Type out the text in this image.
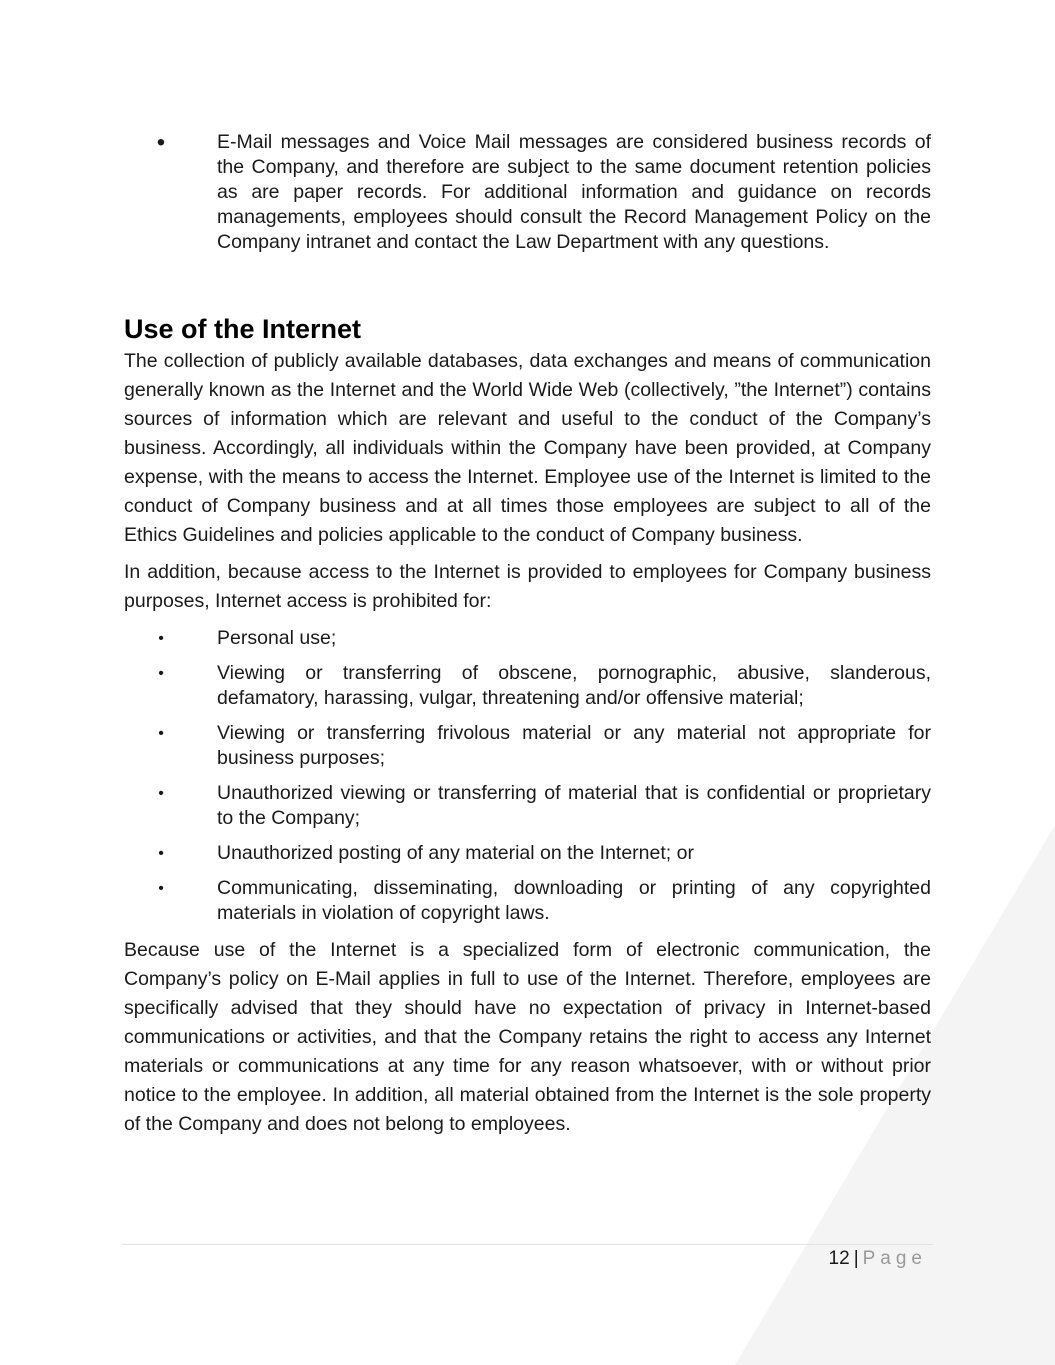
•	E-Mail messages and Voice Mail messages are considered business records of the Company, and therefore are subject to the same document retention policies as are paper records. For additional information and guidance on records managements, employees should consult the Record Management Policy on the Company intranet and contact the Law Department with any questions.
Use of the Internet

The collection of publicly available databases, data exchanges and means of communication generally known as the Internet and the World Wide Web (collectively, ”the Internet”) contains sources of information which are relevant and useful to the conduct of the Company’s business. Accordingly, all individuals within the Company have been provided, at Company expense, with the means to access the Internet. Employee use of the Internet is limited to the conduct of Company business and at all times those employees are subject to all of the Ethics Guidelines and policies applicable to the conduct of Company business.

In addition, because access to the Internet is provided to employees for Company business purposes, Internet access is prohibited for:

•	Personal use;
•	Viewing or transferring of obscene, pornographic, abusive, slanderous, defamatory, harassing, vulgar, threatening and/or offensive material;
•	Viewing or transferring frivolous material or any material not appropriate for business purposes;
•	Unauthorized viewing or transferring of material that is confidential or proprietary to the Company;
•	Unauthorized posting of any material on the Internet; or
•	Communicating, disseminating, downloading or printing of any copyrighted materials in violation of copyright laws.

Because use of the Internet is a specialized form of electronic communication, the Company’s policy on E-Mail applies in full to use of the Internet. Therefore, employees are specifically advised that they should have no expectation of privacy in Internet-based communications or activities, and that the Company retains the right to access any Internet materials or communications at any time for any reason whatsoever, with or without prior notice to the employee. In addition, all material obtained from the Internet is the sole property of the Company and does not belong to employees.

12 | Page
